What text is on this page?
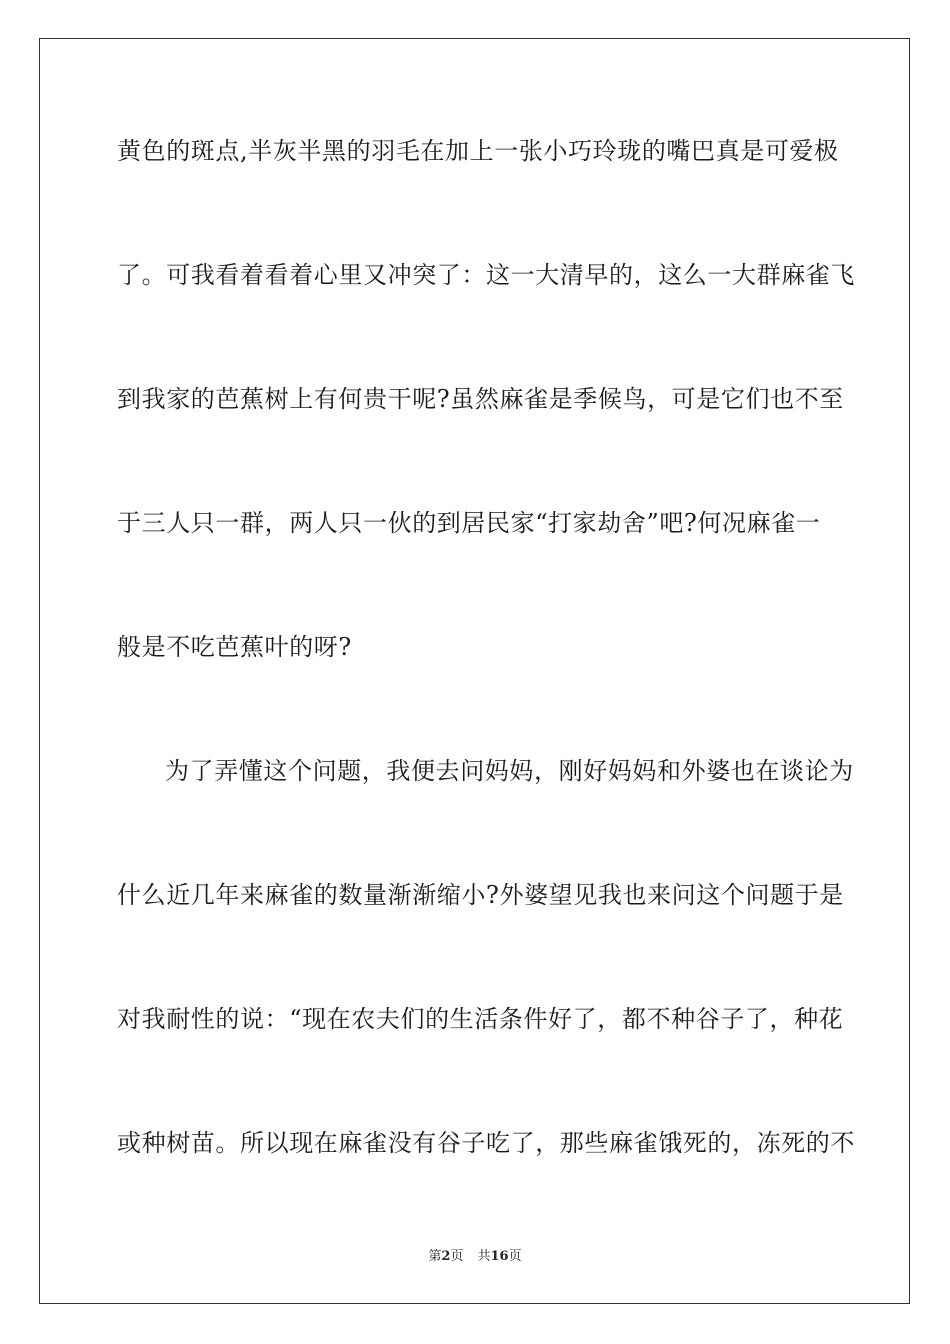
黄色的斑点,半灰半黑的羽毛在加上一张小巧玲珑的嘴巴真是可爱极
了。可我看着看着心里又冲突了：这一大清早的，这么一大群麻雀飞
到我家的芭蕉树上有何贵干呢?虽然麻雀是季候鸟，可是它们也不至
于三人只一群，两人只一伙的到居民家“打家劫舍”吧?何况麻雀一
般是不吃芭蕉叶的呀?
为了弄懂这个问题，我便去问妈妈，刚好妈妈和外婆也在谈论为
什么近几年来麻雀的数量渐渐缩小?外婆望见我也来问这个问题于是
对我耐性的说：“现在农夫们的生活条件好了，都不种谷子了，种花
或种树苗。所以现在麻雀没有谷子吃了，那些麻雀饿死的，冻死的不
第2页 共16页
